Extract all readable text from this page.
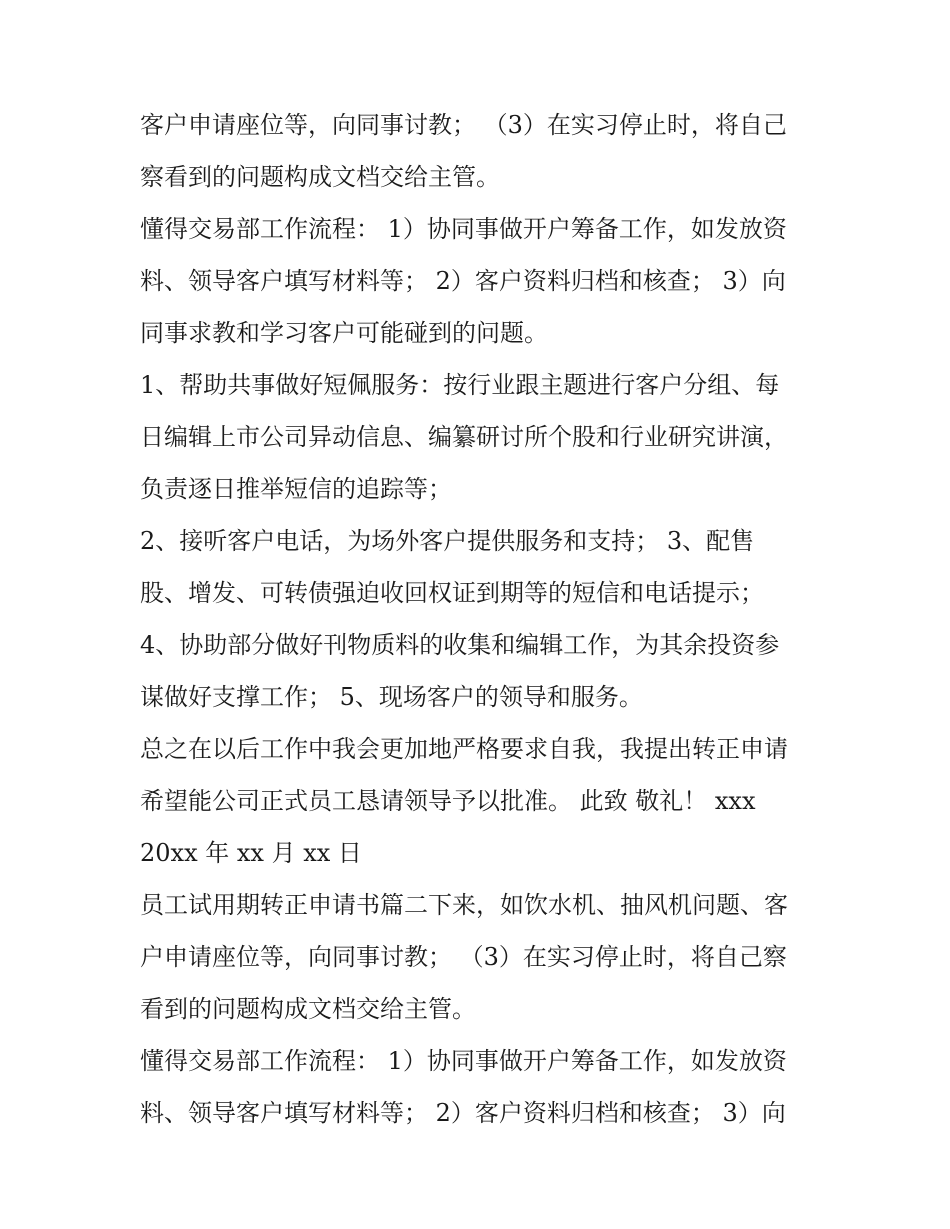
客户申请座位等，向同事讨教； （3）在实习停止时，将自己
察看到的问题构成文档交给主管。
懂得交易部工作流程： 1）协同事做开户筹备工作，如发放资
料、领导客户填写材料等； 2）客户资料归档和核查； 3）向
同事求教和学习客户可能碰到的问题。
1、帮助共事做好短佩服务：按行业跟主题进行客户分组、每
日编辑上市公司异动信息、编纂研讨所个股和行业研究讲演，
负责逐日推举短信的追踪等；
2、接听客户电话，为场外客户提供服务和支持； 3、配售
股、增发、可转债强迫收回权证到期等的短信和电话提示；
4、协助部分做好刊物质料的收集和编辑工作，为其余投资参
谋做好支撑工作； 5、现场客户的领导和服务。
总之在以后工作中我会更加地严格要求自我，我提出转正申请
希望能公司正式员工恳请领导予以批准。 此致 敬礼！ xxx
20xx 年 xx 月 xx 日
员工试用期转正申请书篇二下来，如饮水机、抽风机问题、客
户申请座位等，向同事讨教； （3）在实习停止时，将自己察
看到的问题构成文档交给主管。
懂得交易部工作流程： 1）协同事做开户筹备工作，如发放资
料、领导客户填写材料等； 2）客户资料归档和核查； 3）向
